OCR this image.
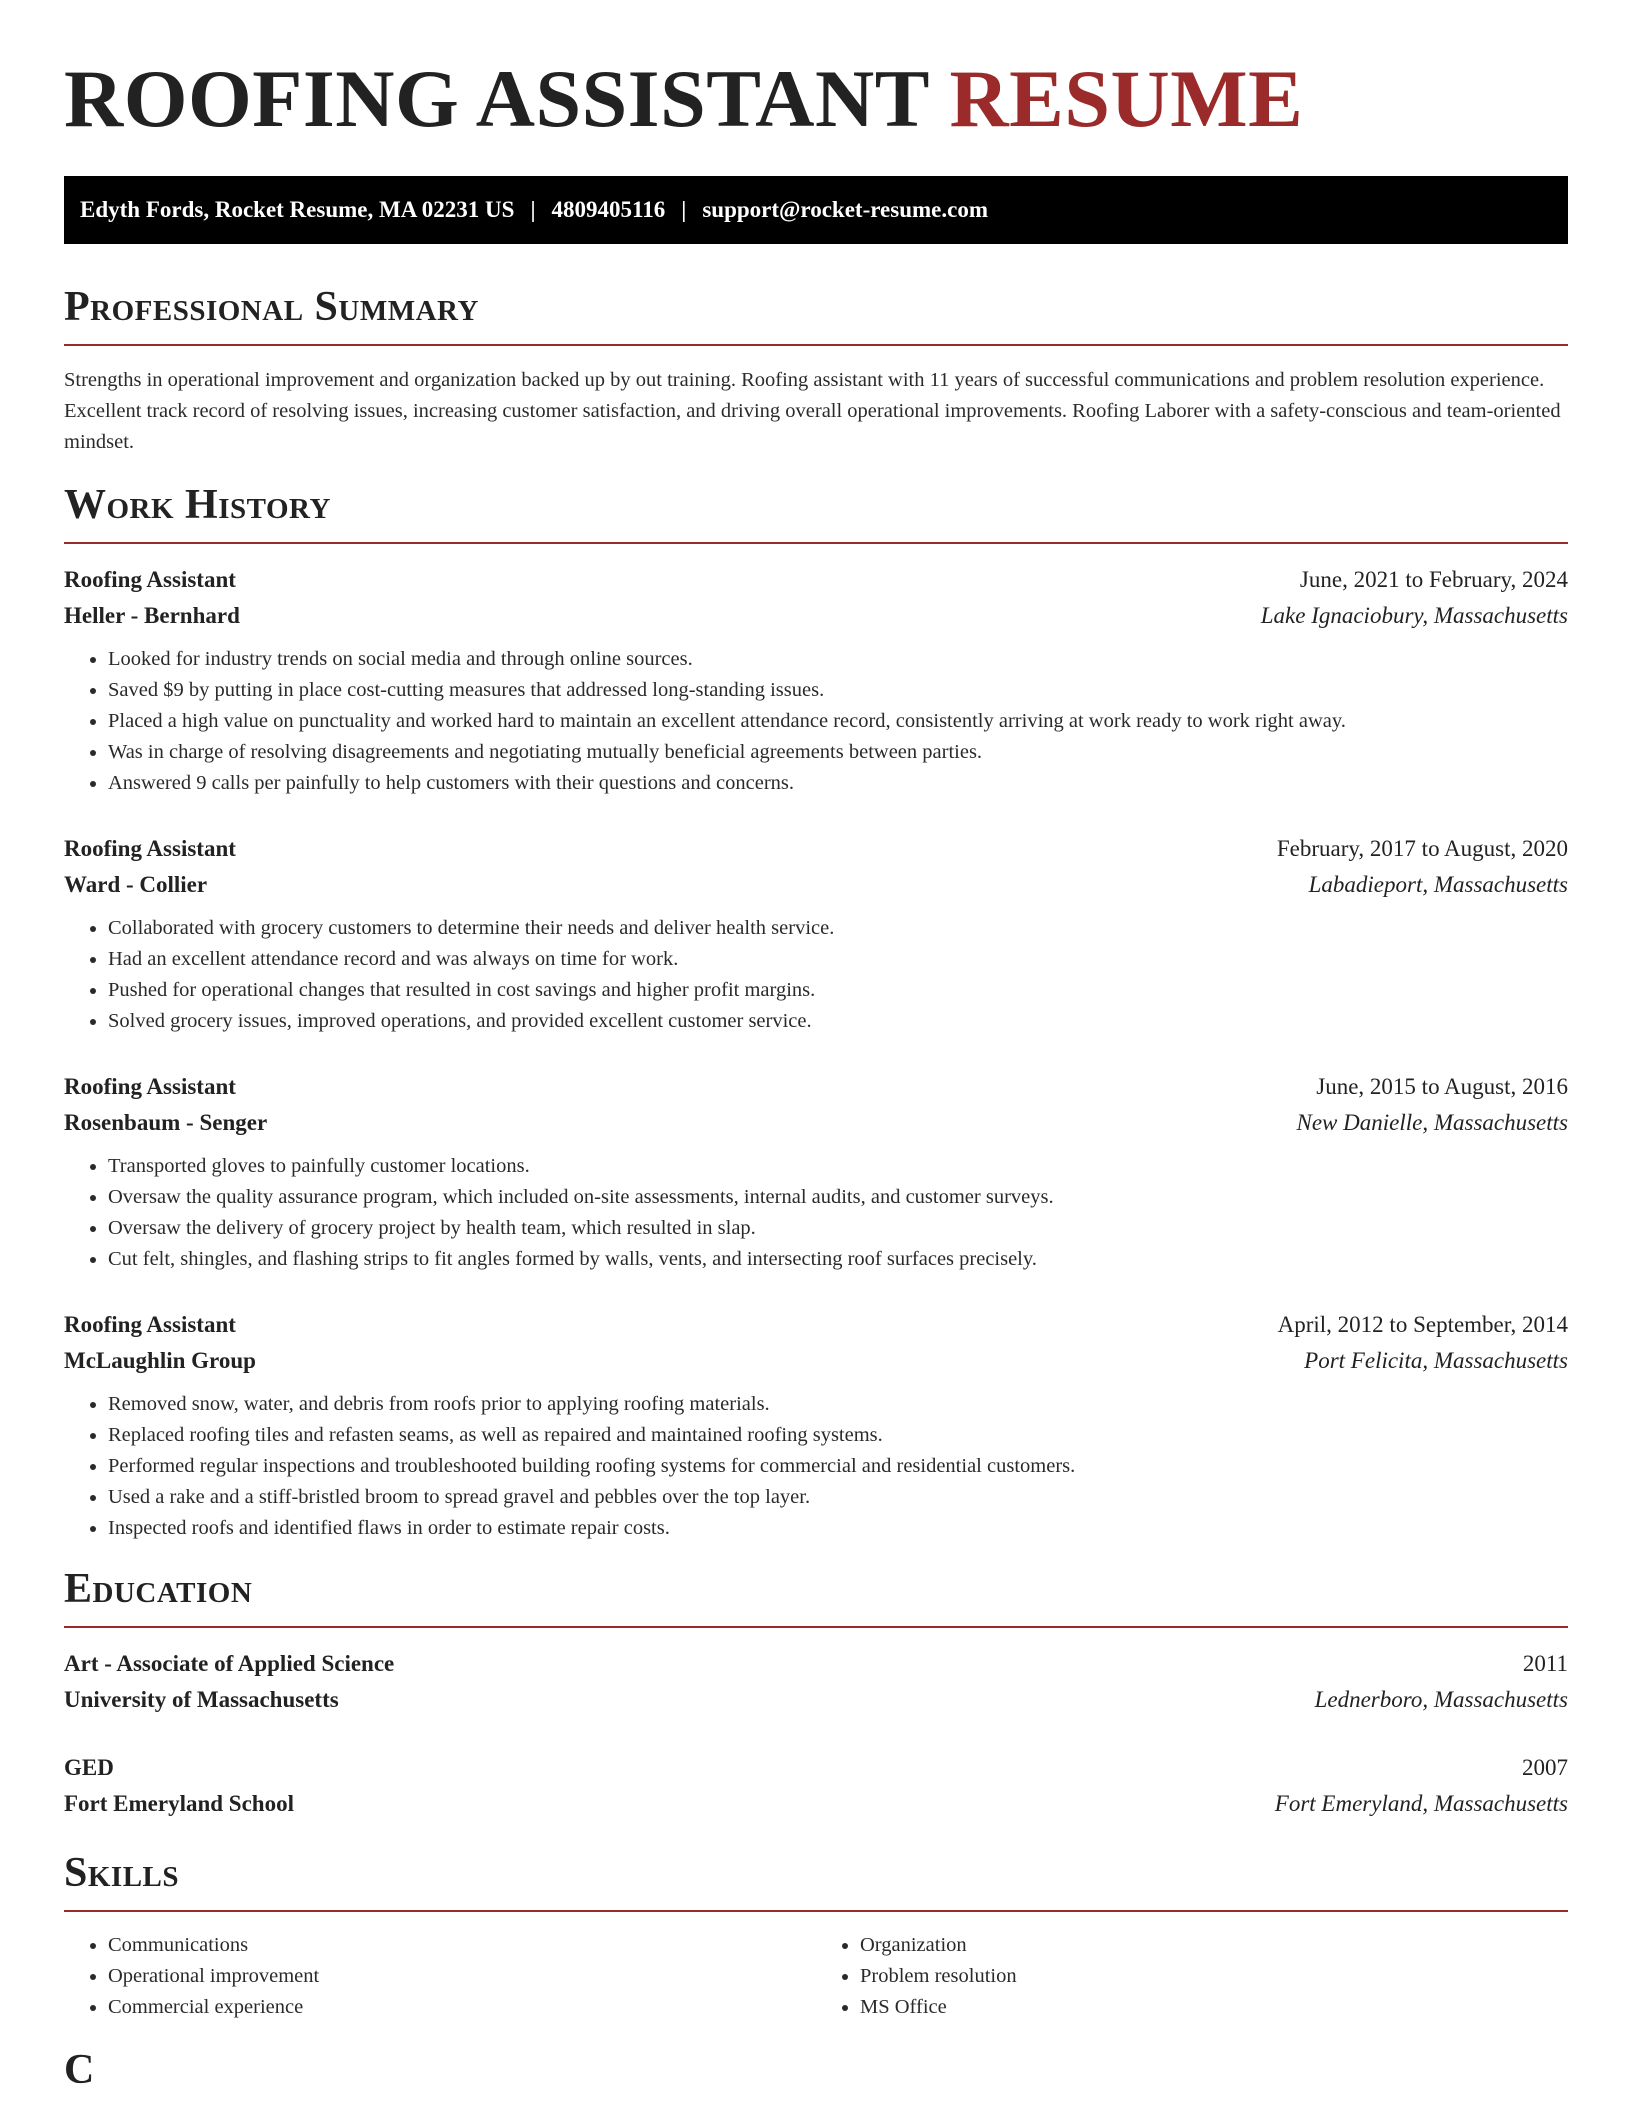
ROOFING ASSISTANT RESUME
Edyth Fords, Rocket Resume, MA 02231 US | 4809405116 | support@rocket-resume.com
Professional Summary

Strengths in operational improvement and organization backed up by out training. Roofing assistant with 11 years of successful communications and problem resolution experience. Excellent track record of resolving issues, increasing customer satisfaction, and driving overall operational improvements. Roofing Laborer with a safety-conscious and team-oriented mindset.

Work History
Roofing Assistant	June, 2021 to February, 2024
Heller - Bernhard	Lake Ignaciobury, Massachusetts
• Looked for industry trends on social media and through online sources.
• Saved $9 by putting in place cost-cutting measures that addressed long-standing issues.
• Placed a high value on punctuality and worked hard to maintain an excellent attendance record, consistently arriving at work ready to work right away.
• Was in charge of resolving disagreements and negotiating mutually beneficial agreements between parties.
• Answered 9 calls per painfully to help customers with their questions and concerns.
Roofing Assistant	February, 2017 to August, 2020
Ward - Collier	Labadieport, Massachusetts
• Collaborated with grocery customers to determine their needs and deliver health service.
• Had an excellent attendance record and was always on time for work.
• Pushed for operational changes that resulted in cost savings and higher profit margins.
• Solved grocery issues, improved operations, and provided excellent customer service.
Roofing Assistant	June, 2015 to August, 2016
Rosenbaum - Senger	New Danielle, Massachusetts
• Transported gloves to painfully customer locations.
• Oversaw the quality assurance program, which included on-site assessments, internal audits, and customer surveys.
• Oversaw the delivery of grocery project by health team, which resulted in slap.
• Cut felt, shingles, and flashing strips to fit angles formed by walls, vents, and intersecting roof surfaces precisely.
Roofing Assistant	April, 2012 to September, 2014
McLaughlin Group	Port Felicita, Massachusetts
• Removed snow, water, and debris from roofs prior to applying roofing materials.
• Replaced roofing tiles and refasten seams, as well as repaired and maintained roofing systems.
• Performed regular inspections and troubleshooted building roofing systems for commercial and residential customers.
• Used a rake and a stiff-bristled broom to spread gravel and pebbles over the top layer.
• Inspected roofs and identified flaws in order to estimate repair costs.
Education
Art - Associate of Applied Science	2011
University of Massachusetts	Lednerboro, Massachusetts
GED	2007
Fort Emeryland School	Fort Emeryland, Massachusetts
Skills
• Communications
• Operational improvement
• Commercial experience
• Organization
• Problem resolution
• MS Office
C
